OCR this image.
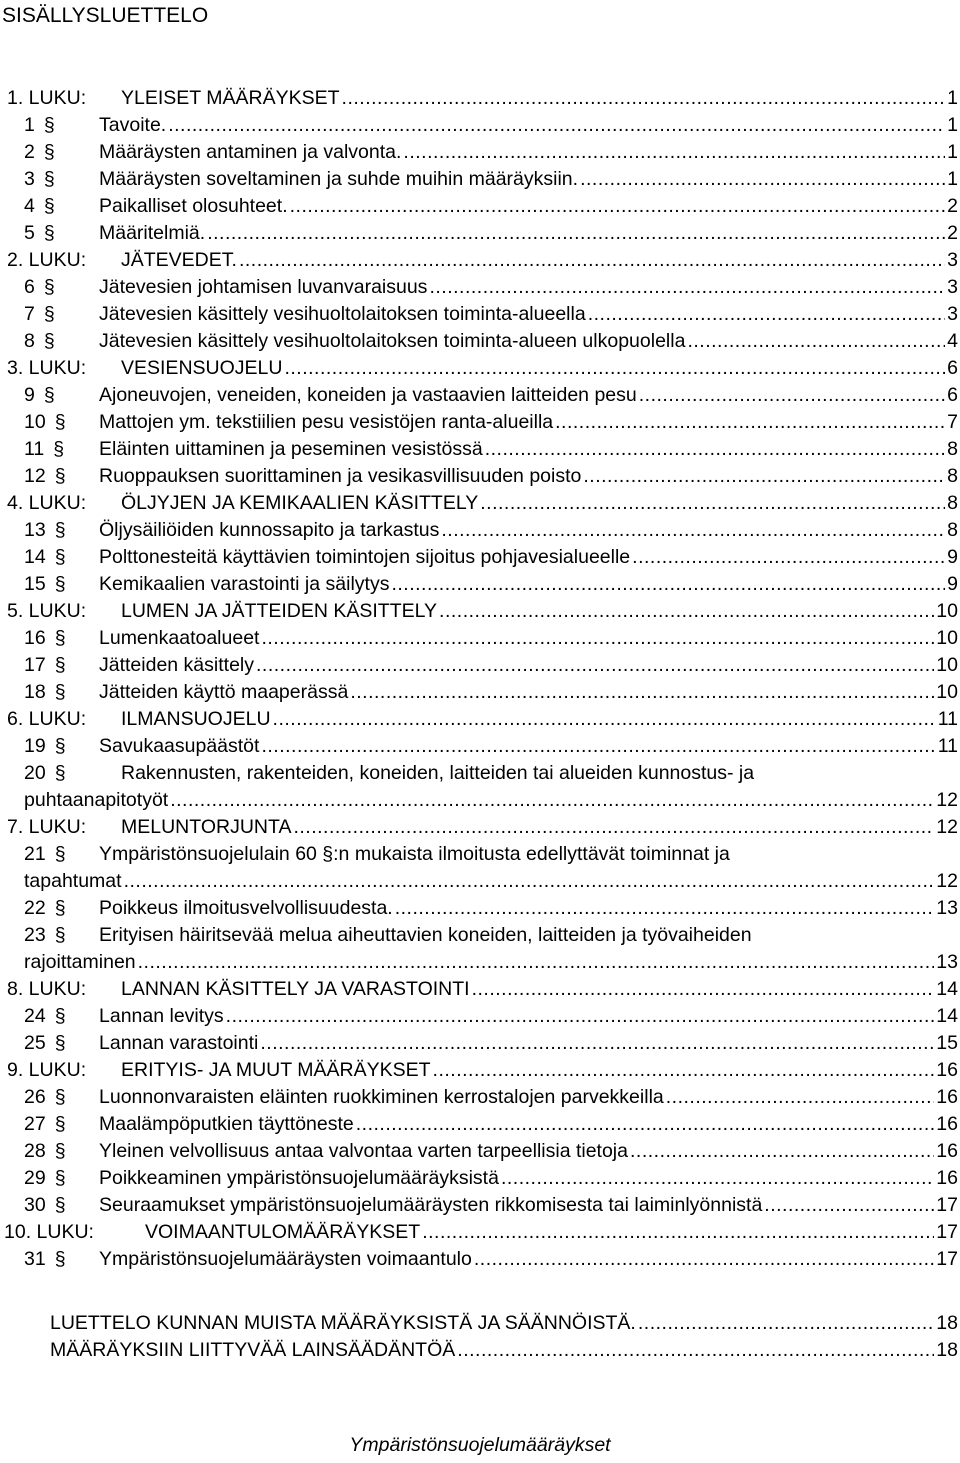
SISÄLLYSLUETTELO
1. LUKU: YLEISET MÄÄRÄYKSET .....	1
1 § Tavoite. .....	1
2 § Määräysten antaminen ja valvonta. .....	1
3 § Määräysten soveltaminen ja suhde muihin määräyksiin. .....	1
4 § Paikalliset olosuhteet. .....	2
5 § Määritelmiä. .....	2
2. LUKU: JÄTEVEDET. .....	3
6 § Jätevesien johtamisen luvanvaraisuus .....	3
7 § Jätevesien käsittely vesihuoltolaitoksen toiminta-alueella .....	3
8 § Jätevesien käsittely vesihuoltolaitoksen toiminta-alueen ulkopuolella .....	4
3. LUKU: VESIENSUOJELU .....	6
9 § Ajoneuvojen, veneiden, koneiden ja vastaavien laitteiden pesu .....	6
10 § Mattojen ym. tekstiilien pesu vesistöjen ranta-alueilla .....	7
11 § Eläinten uittaminen ja peseminen vesistössä .....	8
12 § Ruoppauksen suorittaminen ja vesikasvillisuuden poisto .....	8
4. LUKU: ÖLJYJEN JA KEMIKAALIEN KÄSITTELY .....	8
13 § Öljysäiliöiden kunnossapito ja tarkastus .....	8
14 § Polttonesteitä käyttävien toimintojen sijoitus pohjavesialueelle .....	9
15 § Kemikaalien varastointi ja säilytys .....	9
5. LUKU: LUMEN JA JÄTTEIDEN KÄSITTELY .....	10
16 § Lumenkaatoalueet .....	10
17 § Jätteiden käsittely .....	10
18 § Jätteiden käyttö maaperässä .....	10
6. LUKU: ILMANSUOJELU .....	11
19 § Savukaasupäästöt .....	11
20 §	Rakennusten, rakenteiden, koneiden, laitteiden tai alueiden kunnostus- ja
puhtaanapitotyöt .....	12
7. LUKU: MELUNTORJUNTA .....	12
21 § Ympäristönsuojelulain 60 §:n mukaista ilmoitusta edellyttävät toiminnat ja
tapahtumat .....	12
22 § Poikkeus ilmoitusvelvollisuudesta. .....	13
23 § Erityisen häiritsevää melua aiheuttavien koneiden, laitteiden ja työvaiheiden
rajoittaminen .....	13
8. LUKU: LANNAN KÄSITTELY JA VARASTOINTI .....	14
24 § Lannan levitys .....	14
25 § Lannan varastointi .....	15
9. LUKU: ERITYIS- JA MUUT MÄÄRÄYKSET .....	16
26 § Luonnonvaraisten eläinten ruokkiminen kerrostalojen parvekkeilla .....	16
27 § Maalämpöputkien täyttöneste .....	16
28 § Yleinen velvollisuus antaa valvontaa varten tarpeellisia tietoja .....	16
29 § Poikkeaminen ympäristönsuojelumääräyksistä .....	16
30 § Seuraamukset ympäristönsuojelumääräysten rikkomisesta tai laiminlyönnistä .....	17
10. LUKU:	VOIMAANTULOMÄÄRÄYKSET .....	17
31 § Ympäristönsuojelumääräysten voimaantulo .....	17
LUETTELO KUNNAN MUISTA MÄÄRÄYKSISTÄ JA SÄÄNNÖISTÄ. .....	18
MÄÄRÄYKSIIN LIITTYVÄÄ LAINSÄÄDÄNTÖÄ .....	18
Ympäristönsuojelumääräykset
